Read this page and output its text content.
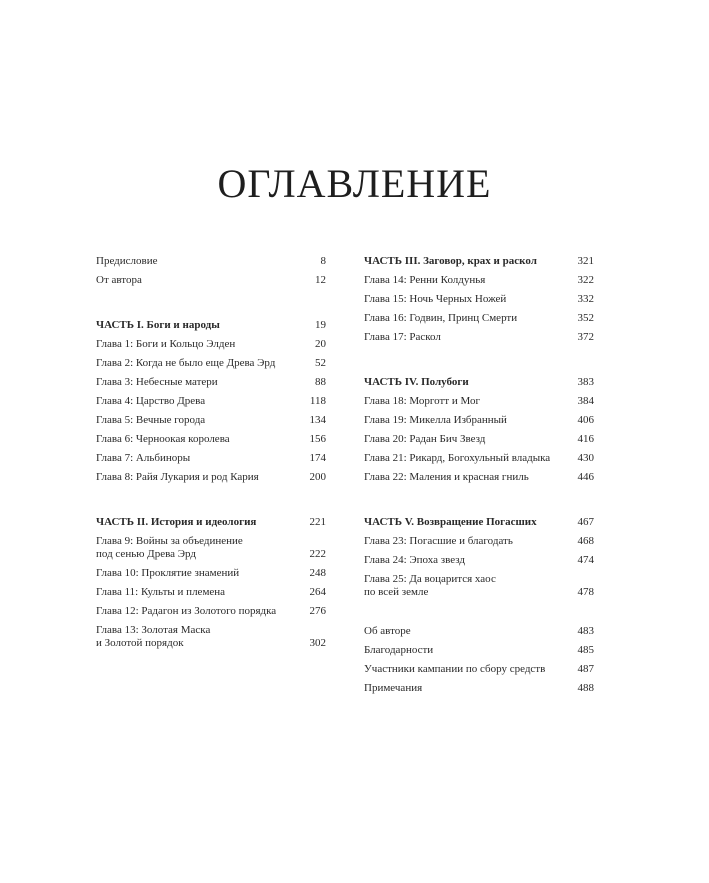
ОГЛАВЛЕНИЕ
Предисловие	8
От автора	12
ЧАСТЬ I. Боги и народы	19
Глава 1: Боги и Кольцо Элден	20
Глава 2: Когда не было еще Древа Эрд	52
Глава 3: Небесные матери	88
Глава 4: Царство Древа	118
Глава 5: Вечные города	134
Глава 6: Черноокая королева	156
Глава 7: Альбиноры	174
Глава 8: Райя Лукария и род Кария	200
ЧАСТЬ II. История и идеология	221
Глава 9: Войны за объединение
под сенью Древа Эрд	222
Глава 10: Проклятие знамений	248
Глава 11: Культы и племена	264
Глава 12: Радагон из Золотого порядка	276
Глава 13: Золотая Маска
и Золотой порядок	302
ЧАСТЬ III. Заговор, крах и раскол	321
Глава 14: Ренни Колдунья	322
Глава 15: Ночь Черных Ножей	332
Глава 16: Годвин, Принц Смерти	352
Глава 17: Раскол	372
ЧАСТЬ IV. Полубоги	383
Глава 18: Морготт и Мог	384
Глава 19: Микелла Избранный	406
Глава 20: Радан Бич Звезд	416
Глава 21: Рикард, Богохульный владыка	430
Глава 22: Маления и красная гниль	446
ЧАСТЬ V. Возвращение Погасших	467
Глава 23: Погасшие и благодать	468
Глава 24: Эпоха звезд	474
Глава 25: Да воцарится хаос
по всей земле	478
Об авторе	483
Благодарности	485
Участники кампании по сбору средств	487
Примечания	488
